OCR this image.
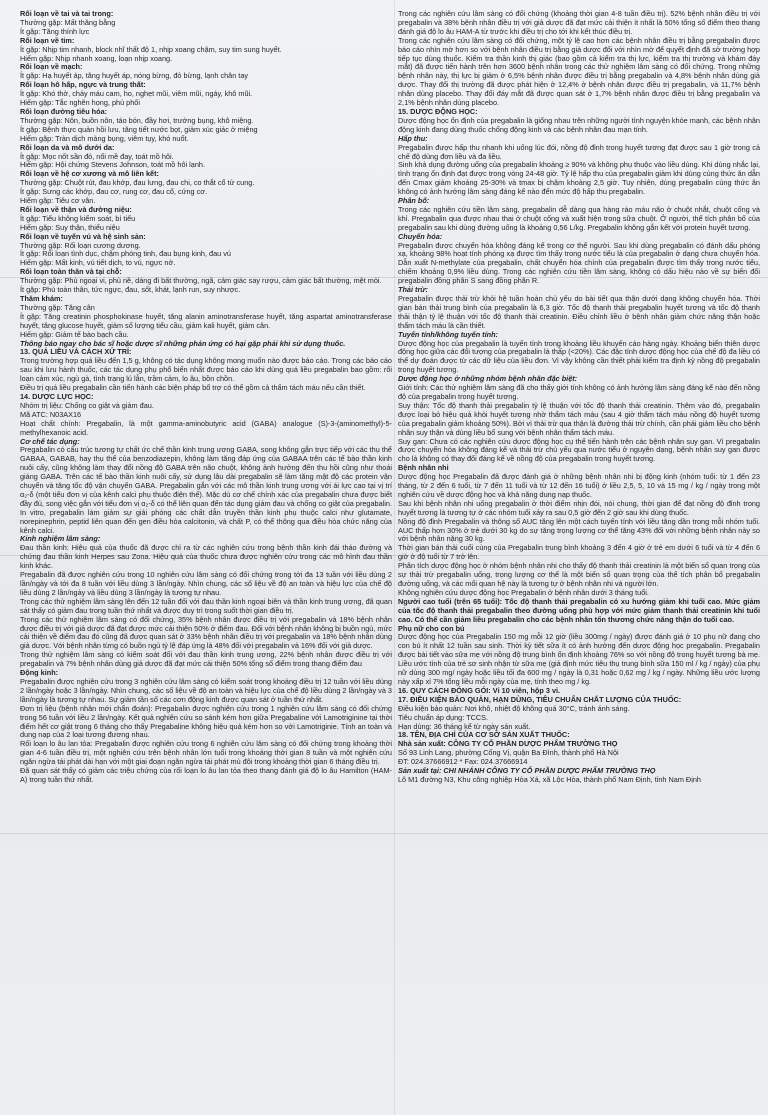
Rối loạn về tai và tai trong:

Thường gặp: Mất thăng bằng

Ít gặp: Tăng thính lực

Rối loạn về tim:

Ít gặp: Nhịp tim nhanh, block nhĩ thất độ 1, nhịp xoang chậm, suy tim sung huyết.

Hiếm gặp: Nhịp nhanh xoang, loạn nhịp xoang.

Rối loạn về mạch:

Ít gặp: Hạ huyết áp, tăng huyết áp, nóng bừng, đỏ bừng, lạnh chân tay

Rối loạn hô hấp, ngực và trung thất:

Ít gặp: Khó thở, chảy máu cam, ho, nghẹt mũi, viêm mũi, ngáy, khô mũi.

Hiếm gặp: Tắc nghẽn họng, phù phổi

Rối loạn đường tiêu hóa:

Thường gặp: Nôn, buồn nôn, táo bón, đầy hơi, trướng bụng, khô miệng.

Ít gặp: Bệnh thực quản hồi lưu, tăng tiết nước bọt, giảm xúc giác ở miệng

Hiếm gặp: Tràn dịch màng bụng, viêm tụy, khó nuốt.

Rối loạn da và mô dưới da:

Ít gặp: Mọc nốt sần đỏ, nổi mề đay, toát mồ hôi.

Hiếm gặp: Hội chứng Stevens Johnson, toát mồ hôi lạnh.

Rối loạn về hệ cơ xương và mô liên kết:

Thường gặp: Chuột rút, đau khớp, đau lưng, đau chi, co thắt cổ tử cung.

Ít gặp: Sưng các khớp, đau cơ, rung cơ, đau cổ, cứng cơ.

Hiếm gặp: Tiêu cơ vân.

Rối loạn về thận và đường niệu:

Ít gặp: Tiểu không kiểm soát, bí tiểu

Hiếm gặp: Suy thận, thiểu niệu

Rối loạn về tuyến vú và hệ sinh sản:

Thường gặp: Rối loạn cương dương.

Ít gặp: Rối loạn tình dục, chậm phóng tinh, đau bụng kinh, đau vú

Hiếm gặp: Mất kinh, vú tiết dịch, to vú, ngực nở.

Rối loạn toàn thân và tại chỗ:

Thường gặp: Phù ngoại vi, phù nề, dáng đi bất thường, ngã, cảm giác say rượu, cảm giác bất thường, mệt mỏi.

Ít gặp: Phù toàn thân, tức ngực, đau, sốt, khát, lạnh run, suy nhược.

Thăm khám:

Thường gặp: Tăng cân

Ít gặp: Tăng creatinin phosphokinase huyết, tăng alanin aminotransferase huyết, tăng aspartat aminotransferase huyết, tăng glucose huyết, giảm số lượng tiểu cầu, giảm kali huyết, giảm cân.

Hiếm gặp: Giảm tế bào bạch cầu.

Thông báo ngay cho bác sĩ hoặc dược sĩ những phản ứng có hại gặp phải khi sử dụng thuốc.

13. QUÁ LIỀU VÀ CÁCH XỬ TRÍ:

Trong trường hợp quá liều đến 1,5 g, không có tác dụng không mong muốn nào được báo cáo. Trong các báo cáo sau khi lưu hành thuốc, các tác dụng phụ phổ biến nhất được báo cáo khi dùng quá liều pregabalin bao gồm: rối loạn cảm xúc, ngủ gà, tình trạng lú lẫn, trầm cảm, lo âu, bồn chồn.

Điều trị quá liều pregabalin cần tiến hành các biện pháp bổ trợ có thể gồm cả thẩm tách máu nếu cần thiết.

14. DƯỢC LỰC HỌC:

Nhóm trị liệu: Chống co giật và giảm đau.

Mã ATC: N03AX16

Hoạt chất chính: Pregabalin, là một gamma-aminobutyric acid (GABA) analogue (S)-3-(aminomethyl)-5-methylhexanoic acid.

Cơ chế tác dụng:

Pregabalin có cấu trúc tương tự chất ức chế thần kinh trung ương GABA, song không gắn trực tiếp với các thụ thể GABAA, GABAB, hay thụ thể của benzodiazepin, không làm tăng đáp ứng của GABAA trên các tế bào thần kinh nuôi cấy, cũng không làm thay đổi nồng độ GABA trên não chuột, không ảnh hưởng đến thu hồi cũng như thoái giáng GABA. Trên các tế bào thần kinh nuôi cấy, sử dụng lâu dài pregabalin sẽ làm tăng mật độ các protein vận chuyển và tăng tốc độ vận chuyển GABA. Pregabalin gắn với các mô thần kinh trung ương với ái lực cao tại vị trí α₂-δ (một tiểu đơn vị của kênh calci phụ thuộc điện thế). Mặc dù cơ chế chính xác của pregabalin chưa được biết đầy đủ, song việc gắn với tiểu đơn vị α₂-δ có thể liên quan đến tác dụng giảm đau và chống co giật của pregabalin. In vitro, pregabalin làm giảm sự giải phóng các chất dẫn truyền thần kinh phụ thuộc calci như glutamate, norepinephrin, peptid liên quan đến gen điều hòa calcitonin, và chất P, có thể thông qua điều hòa chức năng của kênh calci.

Kinh nghiệm lâm sàng:

Đau thần kinh: Hiệu quả của thuốc đã được chỉ ra từ các nghiên cứu trong bệnh thần kinh đái tháo đường và chứng đau thần kinh Herpes sau Zona. Hiệu quả của thuốc chưa được nghiên cứu trong các mô hình đau thần kinh khác.

Pregabalin đã được nghiên cứu trong 10 nghiên cứu lâm sàng có đối chứng trong tới đa 13 tuần với liều dùng 2 lần/ngày và tới đa 8 tuần với liều dùng 3 lần/ngày. Nhìn chung, các số liệu về độ an toàn và hiệu lực của chế độ liều dùng 2 lần/ngày và liều dùng 3 lần/ngày là tương tự nhau.

Trong các thử nghiệm lâm sàng lên đến 12 tuần đối với đau thần kinh ngoại biên và thần kinh trung ương, đã quan sát thấy có giảm đau trong tuần thứ nhất và được duy trì trong suốt thời gian điều trị.

Trong các thử nghiệm lâm sàng có đối chứng, 35% bệnh nhân được điều trị với pregabalin và 18% bệnh nhân được điều trị với giả dược đã đạt được mức cải thiện 50% ở điểm đau. Đối với bệnh nhân không bị buồn ngủ, mức cải thiện về điểm đau đó cũng đã được quan sát ở 33% bệnh nhân điều trị với pregabalin và 18% bệnh nhân dùng giả dược. Với bệnh nhân từng có buồn ngủ tỷ lệ đáp ứng là 48% đối với pregabalin và 16% đối với giả dược.

Trong thử nghiệm lâm sàng có kiểm soát đối với đau thần kinh trung ương, 22% bệnh nhân được điều trị với pregabalin và 7% bệnh nhân dùng giả dược đã đạt mức cải thiện 50% tổng số điểm trong thang điểm đau

Động kinh:

Pregabalin được nghiên cứu trong 3 nghiên cứu lâm sàng có kiểm soát trong khoảng điều trị 12 tuần với liều dùng 2 lần/ngày hoặc 3 lần/ngày. Nhìn chung, các số liệu về độ an toàn và hiệu lực của chế độ liều dùng 2 lần/ngày và 3 lần/ngày là tương tự nhau. Sự giảm tần số các cơn động kinh được quan sát ở tuần thứ nhất.

Đơn trị liệu (bệnh nhân mới chẩn đoán): Pregabalin được nghiên cứu trong 1 nghiên cứu lâm sàng có đối chứng trong 56 tuần với liều 2 lần/ngày. Kết quả nghiên cứu so sánh kém hơn giữa Pregabaline với Lamotriginine tại thời điểm hết cơ giật trong 6 tháng cho thấy Pregabaline không hiệu quả kém hơn so với Lamotriginie. Tính an toàn và dung nạp của 2 loại tương đương nhau.

Rối loạn lo âu lan tỏa: Pregabalin được nghiên cứu trong 6 nghiên cứu lâm sàng có đối chứng trong khoảng thời gian 4-6 tuần điều trị, một nghiên cứu trên bệnh nhân lớn tuổi trong khoảng thời gian 8 tuần và một nghiên cứu ngăn ngừa tái phát dài hạn với một giai đoạn ngăn ngừa tái phát mù đôi trong khoảng thời gian 6 tháng điều trị.

Đã quan sát thấy có giảm các triệu chứng của rối loạn lo âu lan tỏa theo thang đánh giá độ lo âu Hamilton (HAM-A) trong tuần thứ nhất.

Trong các nghiên cứu lâm sàng có đối chứng (khoảng thời gian 4-8 tuần điều trị). 52% bệnh nhân điều trị với pregabalin và 38% bệnh nhân điều trị với giả dược đã đạt mức cải thiện ít nhất là 50% tổng số điểm theo thang đánh giá độ lo âu HAM-A từ trước khi điều trị cho tới khi kết thúc điều trị.

Trong các nghiên cứu lâm sàng có đối chứng, một tỷ lệ cao hơn các bệnh nhân điều trị bằng pregabalin được báo cáo nhìn mờ hơn so với bệnh nhân điều trị bằng giả dược đối với nhìn mờ để quyết định đã sở trường hợp tiếp tục dùng thuốc. Kiểm tra thần kinh thị giác (bao gồm cả kiểm tra thị lực, kiểm tra thị trường và khám đáy mắt) đã được tiến hành trên hơn 3600 bệnh nhân trong các thử nghiệm lâm sàng có đối chứng. Trong những bệnh nhân này, thị lực bị giảm ở 6,5% bệnh nhân được điều trị bằng pregabalin và 4,8% bệnh nhân dùng giả dược. Thay đổi thị trường đã được phát hiện ở 12,4% ở bệnh nhân được điều trị pregabalin, và 11,7% bệnh nhân dùng placebo. Thay đổi đáy mắt đã được quan sát ở 1,7% bệnh nhân được điều trị bằng pregabalin và 2,1% bệnh nhân dùng placebo.

15. DƯỢC ĐỘNG HỌC:

Dược động học ổn định của pregabalin là giống nhau trên những người tình nguyện khỏe mạnh, các bệnh nhân động kinh đang dùng thuốc chống động kinh và các bệnh nhân đau mạn tính.

Hấp thu:

Pregabalin được hấp thu nhanh khi uống lúc đói, nồng độ đỉnh trong huyết tương đạt được sau 1 giờ trong cả chế độ dùng đơn liều và đa liều.

Sinh khả dụng đường uống của pregabalin khoảng ≥ 90% và không phụ thuộc vào liều dùng. Khi dùng nhắc lại, tình trạng ổn định đạt được trong vòng 24-48 giờ. Tỷ lệ hấp thu của pregabalin giảm khi dùng cùng thức ăn dẫn đến Cmax giảm khoảng 25-30% và tmax bị chậm khoảng 2,5 giờ. Tuy nhiên, dùng pregabalin cùng thức ăn không có ảnh hưởng lâm sàng đáng kể nào đến mức độ hấp thu pregabalin.

Phân bố:

Trong các nghiên cứu tiền lâm sàng, pregabalin dễ dàng qua hàng rào máu não ở chuột nhắt, chuột cống và khỉ. Pregabalin qua được nhau thai ở chuột cống và xuất hiện trong sữa chuột. Ở người, thể tích phân bố của pregabalin sau khi dùng đường uống là khoảng 0,56 L/kg. Pregabalin không gắn kết với protein huyết tương.

Chuyển hóa:

Pregabalin được chuyển hóa không đáng kể trong cơ thể người. Sau khi dùng pregabalin có đánh dấu phóng xạ, khoảng 98% hoạt tính phóng xạ được tìm thấy trong nước tiểu là của pregabalin ở dạng chưa chuyển hóa. Dẫn xuất N-methylate của pregabalin, chất chuyển hóa chính của pregabalin được tìm thấy trong nước tiểu, chiếm khoảng 0,9% liều dùng. Trong các nghiên cứu tiền lâm sàng, không có dấu hiệu nào về sự biến đổi pregabalin đồng phân S sang đồng phân R.

Thải trừ:

Pregabalin được thải trừ khỏi hệ tuần hoàn chủ yếu do bài tiết qua thận dưới dạng không chuyển hóa. Thời gian bán thải trung bình của pregabalin là 6,3 giờ. Tốc độ thanh thải pregabalin huyết tương và tốc độ thanh thải thận tỷ lệ thuận với tốc độ thanh thải creatinin. Điều chỉnh liều ở bệnh nhân giảm chức năng thận hoặc thẩm tách máu là cần thiết.

Tuyến tính/không tuyến tính:

Dược động học của pregabalin là tuyến tính trong khoảng liều khuyến cáo hàng ngày. Khoảng biến thiên dược động học giữa các đối tượng của pregabalin là thấp (<20%). Các đặc tính dược động học của chế độ đa liều có thể dự đoán được từ các dữ liệu của liều đơn. Vì vậy không cần thiết phải kiểm tra định kỳ nồng độ pregabalin trong huyết tương.

Dược động học ở những nhóm bệnh nhân đặc biệt:

Giới tính: Các thử nghiệm lâm sàng đã cho thấy giới tính không có ảnh hưởng lâm sàng đáng kể nào đến nồng độ của pregabalin trong huyết tương.

Suy thận: Tốc độ thanh thải pregabalin tỷ lệ thuận với tốc độ thanh thải creatinin. Thêm vào đó, pregabalin được loại bỏ hiệu quả khỏi huyết tương nhờ thẩm tách máu (sau 4 giờ thẩm tách máu nồng độ huyết tương của pregabalin giảm khoảng 50%). Bởi vì thải trừ qua thận là đường thải trừ chính, cần phải giảm liều cho bệnh nhân suy thận và dùng liều bổ sung với bệnh nhân thẩm tách máu.

Suy gan: Chưa có các nghiên cứu dược động học cụ thể tiến hành trên các bệnh nhân suy gan. Vì pregabalin được chuyển hóa không đáng kể và thải trừ chủ yếu qua nước tiểu ở nguyên dạng, bệnh nhân suy gan được cho là không có thay đổi đáng kể về nồng độ của pregabalin trong huyết tương.

Bệnh nhân nhi

Dược động học Pregabalin đã được đánh giá ở những bệnh nhân nhi bị động kinh (nhóm tuổi: từ 1 đến 23 tháng, từ 2 đến 6 tuổi, từ 7 đến 11 tuổi và từ 12 đến 16 tuổi) ở liều 2,5, 5, 10 và 15 mg / kg / ngày trong một nghiên cứu về dược động học và khả năng dung nạp thuốc.

Sau khi bệnh nhân nhi uống pregabalin ở thời điểm nhịn đói, nói chung, thời gian để đạt nồng độ đỉnh trong huyết tương là tương tự ở các nhóm tuổi xảy ra sau 0,5 giờ đến 2 giờ sau khi dùng thuốc.

Nồng độ đỉnh Pregabalin và thông số AUC tăng lên một cách tuyến tính với liều tăng dần trong mỗi nhóm tuổi. AUC thấp hơn 30% ở trẻ dưới 30 kg do sự tăng trọng lượng cơ thể tăng 43% đối với những bệnh nhân này so với bệnh nhân nặng 30 kg.

Thời gian bán thải cuối cùng của Pregabalin trung bình khoảng 3 đến 4 giờ ở trẻ em dưới 6 tuổi và từ 4 đến 6 giờ ở độ tuổi từ 7 trở lên.

Phân tích dược động học ở nhóm bệnh nhân nhi cho thấy độ thanh thải creatinin là một biến số quan trọng của sự thải trừ pregabalin uống, trọng lượng cơ thể là một biến số quan trọng của thể tích phân bố pregabalin đường uống, và các mối quan hệ này là tương tự ở bệnh nhân nhi và người lớn.

Không nghiên cứu dược động học Pregabalin ở bệnh nhân dưới 3 tháng tuổi.

Người cao tuổi (trên 65 tuổi): Tốc độ thanh thải pregabalin có xu hướng giảm khi tuổi cao. Mức giảm của tốc độ thanh thải pregabalin theo đường uống phù hợp với mức giảm thanh thải creatinin khi tuổi cao. Có thể cần giảm liều pregabalin cho các bệnh nhân tổn thương chức năng thận do tuổi cao.

Phụ nữ cho con bú

Dược động học của Pregabalin 150 mg mỗi 12 giờ (liều 300mg / ngày) được đánh giá ở 10 phụ nữ đang cho con bú ít nhất 12 tuần sau sinh. Thời kỳ tiết sữa ít có ảnh hưởng đến dược động học pregabalin. Pregabalin được bài tiết vào sữa mẹ với nồng độ trung bình ổn định khoảng 76% so với nồng độ trong huyết tương bà mẹ. Liều ước tính của trẻ sơ sinh nhận từ sữa mẹ (giả định mức tiêu thụ trung bình sữa 150 ml / kg / ngày) của phụ nữ dùng 300 mg/ ngày hoặc liều tối đa 600 mg / ngày là 0,31 hoặc 0,62 mg / kg / ngày. Những liều ước lượng này xấp xỉ 7% tổng liều mỗi ngày của mẹ, tính theo mg / kg.

16. QUY CÁCH ĐÓNG GÓI: Vỉ 10 viên, hộp 3 vỉ.

17. ĐIỀU KIỆN BẢO QUẢN, HẠN DÙNG, TIÊU CHUẨN CHẤT LƯỢNG CỦA THUỐC:

Điều kiện bảo quản: Nơi khô, nhiệt độ không quá 30°C, tránh ánh sáng.

Tiêu chuẩn áp dụng: TCCS.

Hạn dùng: 36 tháng kể từ ngày sản xuất.

18. TÊN, ĐỊA CHỈ CỦA CƠ SỞ SẢN XUẤT THUỐC:

Nhà sản xuất: CÔNG TY CỔ PHẦN DƯỢC PHẨM TRƯỜNG THỌ

Số 93 Linh Lang, phường Cống Vị, quận Ba Đình, thành phố Hà Nội

ĐT: 024.37666912 * Fax: 024.37666914

Sản xuất tại: CHI NHÁNH CÔNG TY CỔ PHẦN DƯỢC PHẨM TRƯỜNG THỌ

Lô M1 đường N3, Khu công nghiệp Hòa Xá, xã Lộc Hòa, thành phố Nam Định, tỉnh Nam Định
